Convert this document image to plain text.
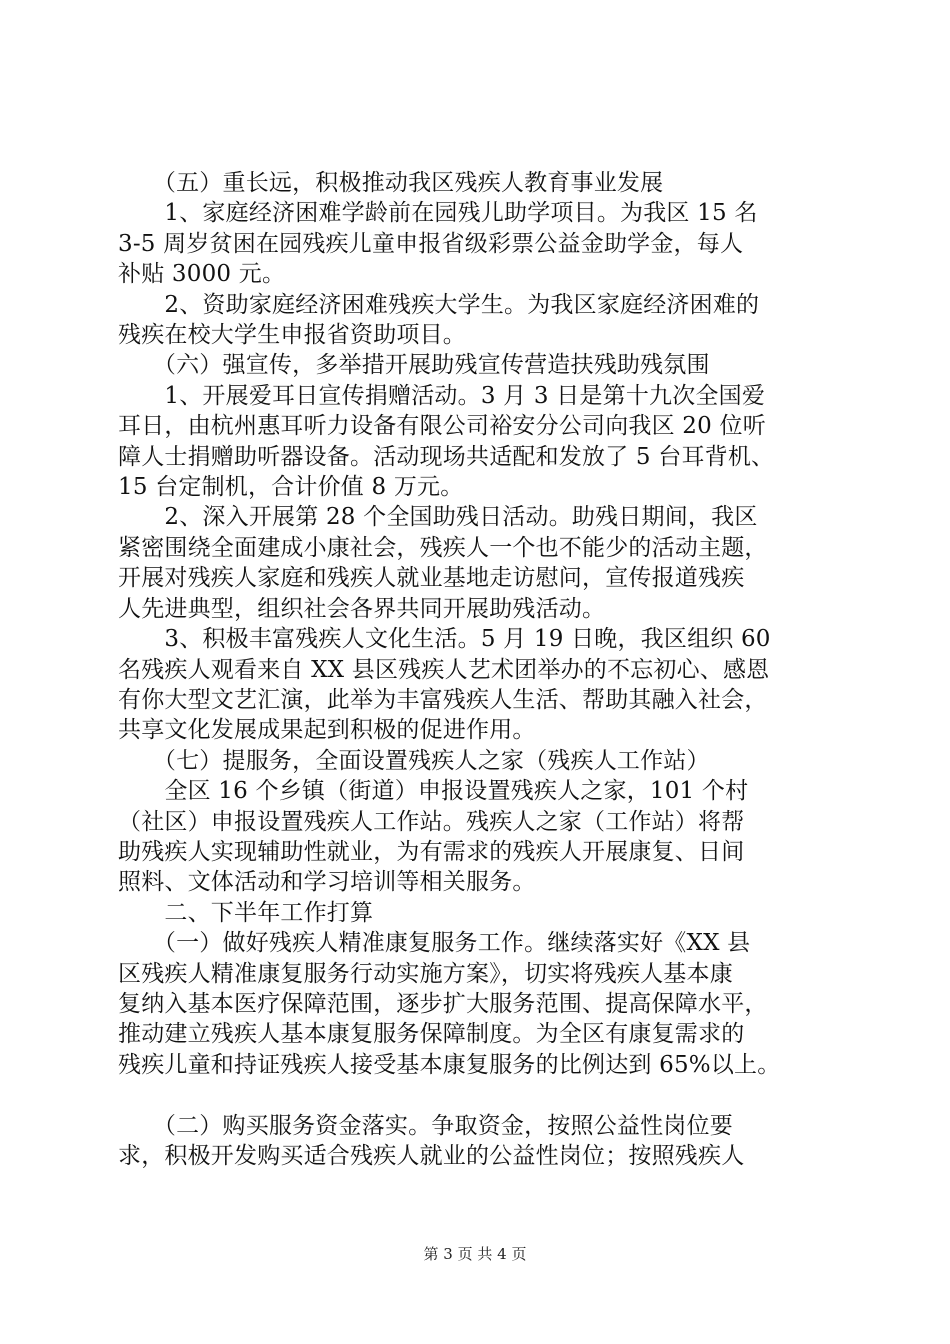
　　（五）重长远，积极推动我区残疾人教育事业发展
　　1、家庭经济困难学龄前在园残儿助学项目。为我区 15 名
3-5 周岁贫困在园残疾儿童申报省级彩票公益金助学金，每人
补贴 3000 元。
　　2、资助家庭经济困难残疾大学生。为我区家庭经济困难的
残疾在校大学生申报省资助项目。
　　（六）强宣传，多举措开展助残宣传营造扶残助残氛围
　　1、开展爱耳日宣传捐赠活动。3 月 3 日是第十九次全国爱
耳日，由杭州惠耳听力设备有限公司裕安分公司向我区 20 位听
障人士捐赠助听器设备。活动现场共适配和发放了 5 台耳背机、
15 台定制机，合计价值 8 万元。
　　2、深入开展第 28 个全国助残日活动。助残日期间，我区
紧密围绕全面建成小康社会，残疾人一个也不能少的活动主题，
开展对残疾人家庭和残疾人就业基地走访慰问，宣传报道残疾
人先进典型，组织社会各界共同开展助残活动。
　　3、积极丰富残疾人文化生活。5 月 19 日晚，我区组织 60
名残疾人观看来自 XX 县区残疾人艺术团举办的不忘初心、感恩
有你大型文艺汇演，此举为丰富残疾人生活、帮助其融入社会，
共享文化发展成果起到积极的促进作用。
　　（七）提服务，全面设置残疾人之家（残疾人工作站）
　　全区 16 个乡镇（街道）申报设置残疾人之家，101 个村
（社区）申报设置残疾人工作站。残疾人之家（工作站）将帮
助残疾人实现辅助性就业，为有需求的残疾人开展康复、日间
照料、文体活动和学习培训等相关服务。
　　二、下半年工作打算
　　（一）做好残疾人精准康复服务工作。继续落实好《XX 县
区残疾人精准康复服务行动实施方案》，切实将残疾人基本康
复纳入基本医疗保障范围，逐步扩大服务范围、提高保障水平，
推动建立残疾人基本康复服务保障制度。为全区有康复需求的
残疾儿童和持证残疾人接受基本康复服务的比例达到 65%以上。
　　（二）购买服务资金落实。争取资金，按照公益性岗位要
求，积极开发购买适合残疾人就业的公益性岗位；按照残疾人
第 3 页 共 4 页
